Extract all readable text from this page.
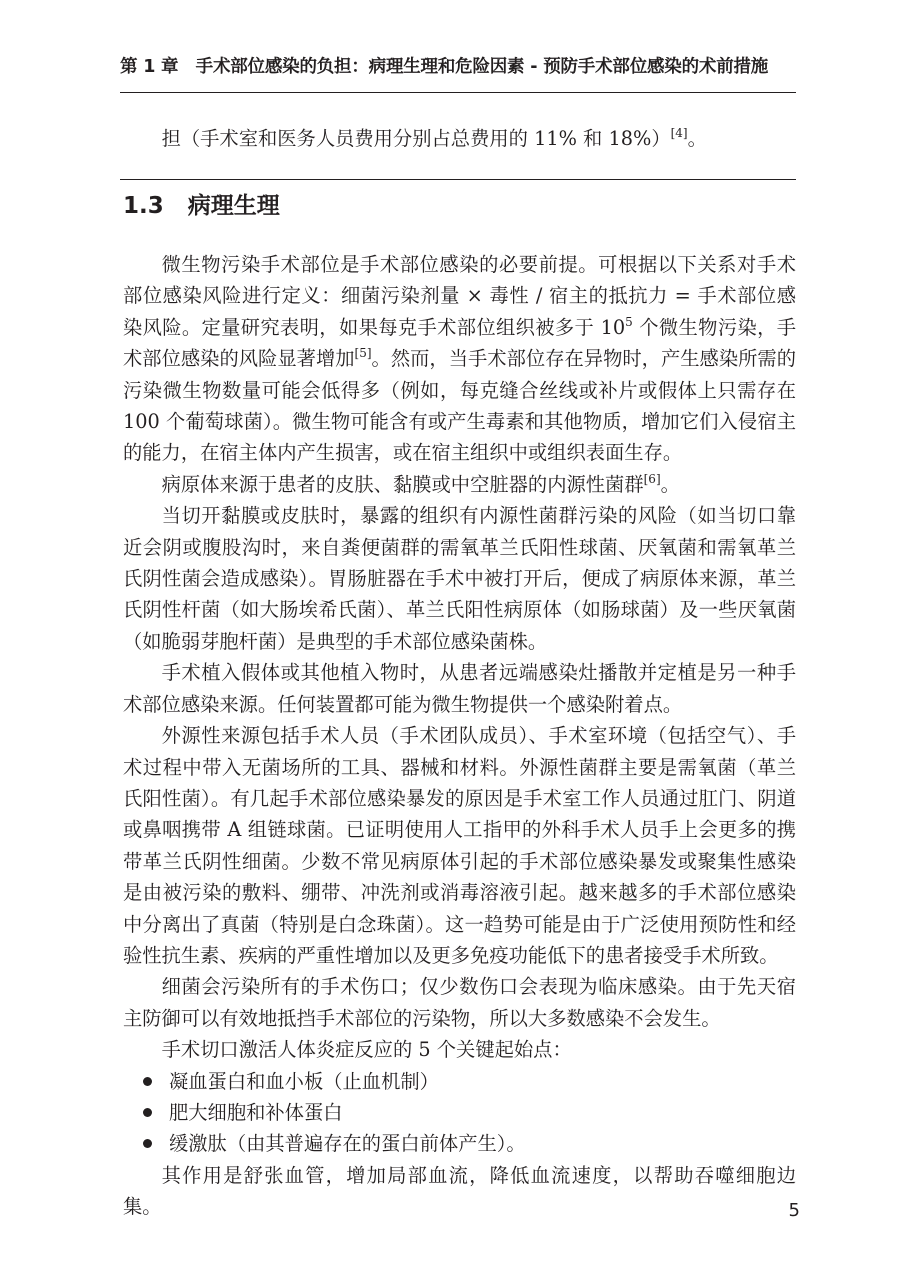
第 1 章　手术部位感染的负担：病理生理和危险因素 - 预防手术部位感染的术前措施

担（手术室和医务人员费用分别占总费用的 11% 和 18%）[4]。

1.3 病理生理

微生物污染手术部位是手术部位感染的必要前提。可根据以下关系对手术部位感染风险进行定义：细菌污染剂量 × 毒性 / 宿主的抵抗力 = 手术部位感染风险。定量研究表明，如果每克手术部位组织被多于 $10^5$ 个微生物污染，手术部位感染的风险显著增加[5]。然而，当手术部位存在异物时，产生感染所需的污染微生物数量可能会低得多（例如，每克缝合丝线或补片或假体上只需存在 100 个葡萄球菌）。微生物可能含有或产生毒素和其他物质，增加它们入侵宿主的能力，在宿主体内产生损害，或在宿主组织中或组织表面生存。

病原体来源于患者的皮肤、黏膜或中空脏器的内源性菌群[6]。

当切开黏膜或皮肤时，暴露的组织有内源性菌群污染的风险（如当切口靠近会阴或腹股沟时，来自粪便菌群的需氧革兰氏阳性球菌、厌氧菌和需氧革兰氏阴性菌会造成感染）。胃肠脏器在手术中被打开后，便成了病原体来源，革兰氏阴性杆菌（如大肠埃希氏菌）、革兰氏阳性病原体（如肠球菌）及一些厌氧菌（如脆弱芽胞杆菌）是典型的手术部位感染菌株。

手术植入假体或其他植入物时，从患者远端感染灶播散并定植是另一种手术部位感染来源。任何装置都可能为微生物提供一个感染附着点。

外源性来源包括手术人员（手术团队成员）、手术室环境（包括空气）、手术过程中带入无菌场所的工具、器械和材料。外源性菌群主要是需氧菌（革兰氏阳性菌）。有几起手术部位感染暴发的原因是手术室工作人员通过肛门、阴道或鼻咽携带 A 组链球菌。已证明使用人工指甲的外科手术人员手上会更多的携带革兰氏阴性细菌。少数不常见病原体引起的手术部位感染暴发或聚集性感染是由被污染的敷料、绷带、冲洗剂或消毒溶液引起。越来越多的手术部位感染中分离出了真菌（特别是白念珠菌）。这一趋势可能是由于广泛使用预防性和经验性抗生素、疾病的严重性增加以及更多免疫功能低下的患者接受手术所致。

细菌会污染所有的手术伤口；仅少数伤口会表现为临床感染。由于先天宿主防御可以有效地抵挡手术部位的污染物，所以大多数感染不会发生。

手术切口激活人体炎症反应的 5 个关键起始点：

凝血蛋白和血小板（止血机制）
肥大细胞和补体蛋白
缓激肽（由其普遍存在的蛋白前体产生）。

其作用是舒张血管，增加局部血流，降低血流速度，以帮助吞噬细胞边集。	5
